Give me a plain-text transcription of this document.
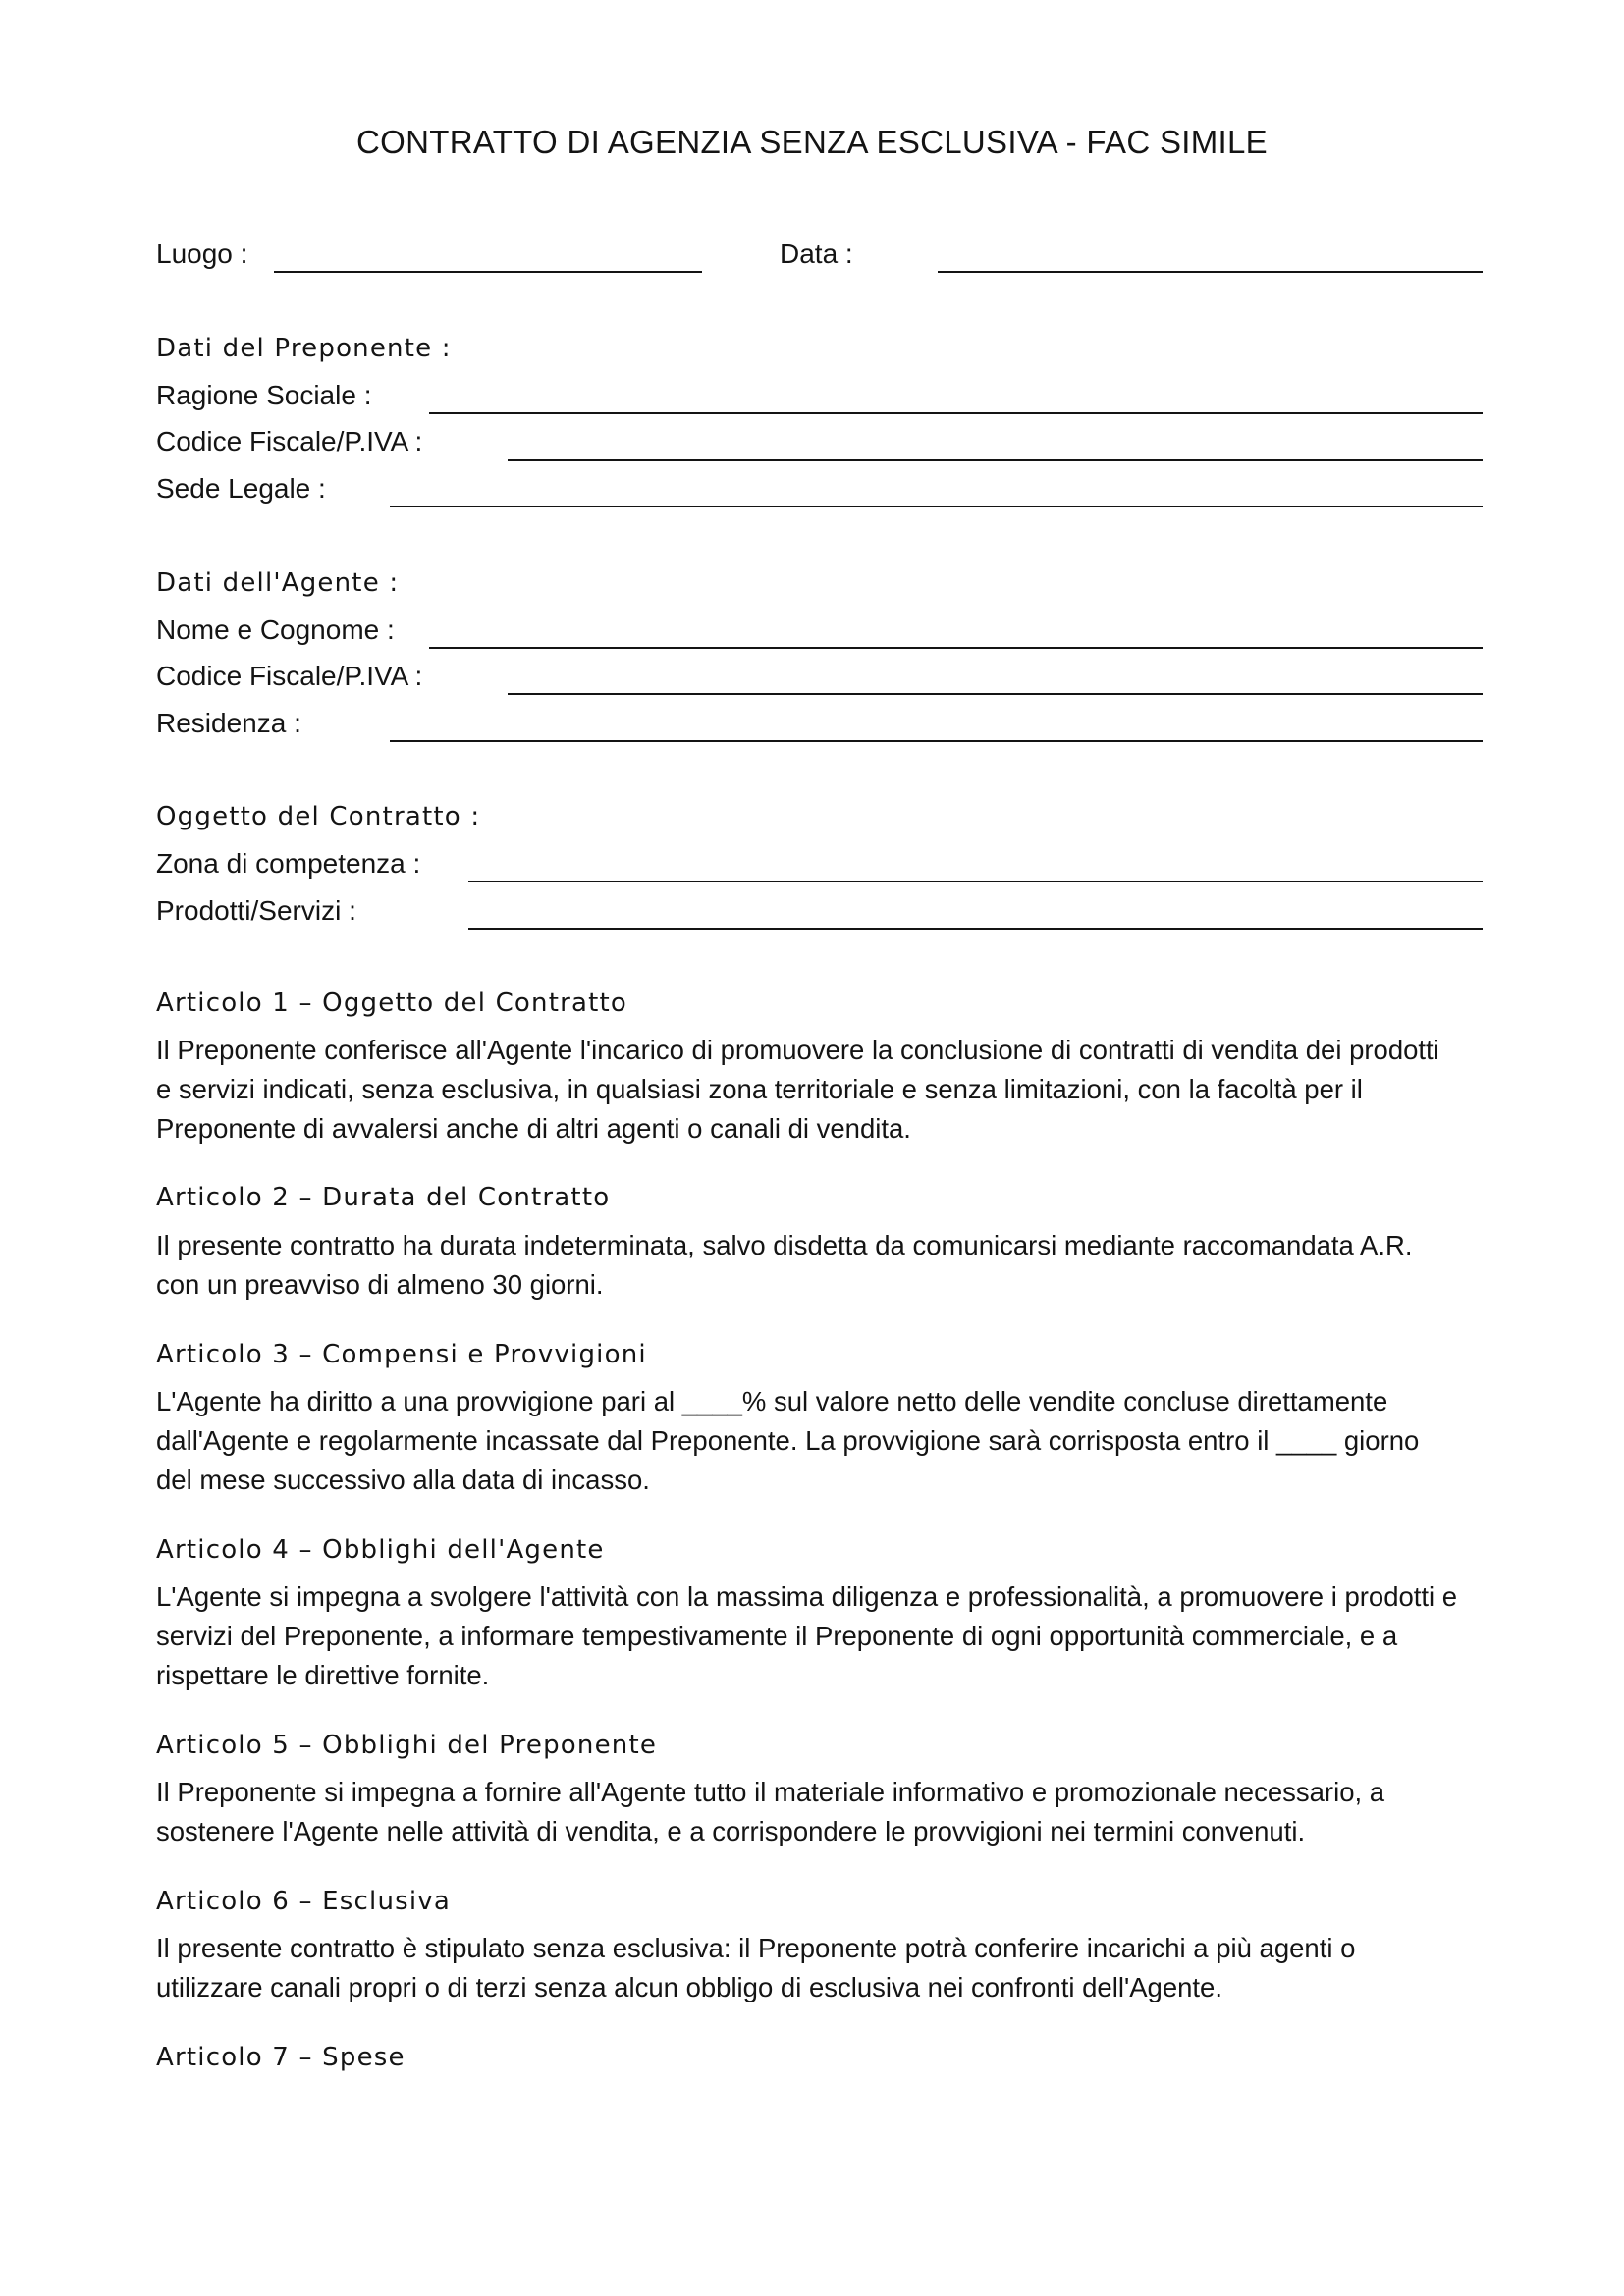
CONTRATTO DI AGENZIA SENZA ESCLUSIVA - FAC SIMILE
Luogo :	Data :
Dati del Preponente :
Ragione Sociale :
Codice Fiscale/P.IVA :
Sede Legale :
Dati dell'Agente :
Nome e Cognome :
Codice Fiscale/P.IVA :
Residenza :
Oggetto del Contratto :
Zona di competenza :
Prodotti/Servizi :
Articolo 1 – Oggetto del Contratto
Il Preponente conferisce all'Agente l'incarico di promuovere la conclusione di contratti di vendita dei prodotti
e servizi indicati, senza esclusiva, in qualsiasi zona territoriale e senza limitazioni, con la facoltà per il
Preponente di avvalersi anche di altri agenti o canali di vendita.
Articolo 2 – Durata del Contratto
Il presente contratto ha durata indeterminata, salvo disdetta da comunicarsi mediante raccomandata A.R.
con un preavviso di almeno 30 giorni.
Articolo 3 – Compensi e Provvigioni
L'Agente ha diritto a una provvigione pari al ____% sul valore netto delle vendite concluse direttamente
dall'Agente e regolarmente incassate dal Preponente. La provvigione sarà corrisposta entro il ____ giorno
del mese successivo alla data di incasso.
Articolo 4 – Obblighi dell'Agente
L'Agente si impegna a svolgere l'attività con la massima diligenza e professionalità, a promuovere i prodotti e
servizi del Preponente, a informare tempestivamente il Preponente di ogni opportunità commerciale, e a
rispettare le direttive fornite.
Articolo 5 – Obblighi del Preponente
Il Preponente si impegna a fornire all'Agente tutto il materiale informativo e promozionale necessario, a
sostenere l'Agente nelle attività di vendita, e a corrispondere le provvigioni nei termini convenuti.
Articolo 6 – Esclusiva
Il presente contratto è stipulato senza esclusiva: il Preponente potrà conferire incarichi a più agenti o
utilizzare canali propri o di terzi senza alcun obbligo di esclusiva nei confronti dell'Agente.
Articolo 7 – Spese
